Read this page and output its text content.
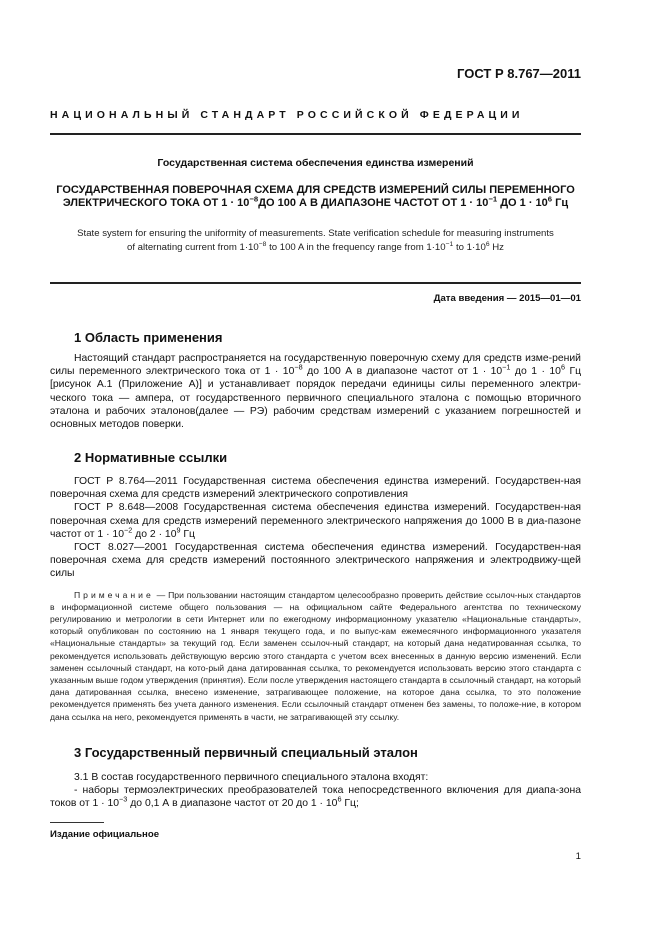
ГОСТ Р 8.767—2011
НАЦИОНАЛЬНЫЙ СТАНДАРТ РОССИЙСКОЙ ФЕДЕРАЦИИ
Государственная система обеспечения единства измерений
ГОСУДАРСТВЕННАЯ ПОВЕРОЧНАЯ СХЕМА ДЛЯ СРЕДСТВ ИЗМЕРЕНИЙ СИЛЫ ПЕРЕМЕННОГО
ЭЛЕКТРИЧЕСКОГО ТОКА ОТ $1 \cdot 10^{-8}ДО$ 100 А В ДИАПАЗОНЕ ЧАСТОТ ОТ $1 \cdot 10^{-1}$ ДО $1 \cdot 10^6$ Гц
State system for ensuring the uniformity of measurements. State verification schedule for measuring instruments
of alternating current from $1\cdot 10^{-8}$ to 100 A in the frequency range from $1\cdot 10^{-1}$ to $1\cdot 10^6$ Hz
Дата введения — 2015—01—01
1 Область применения

Настоящий стандарт распространяется на государственную поверочную схему для средств изме-рений силы переменного электрического тока от $1 \cdot 10^{-8}$ до 100 А в диапазоне частот от $1 \cdot 10^{-1}$ до $1 \cdot 10^6$ Гц [рисунок А.1 (Приложение А)] и устанавливает порядок передачи единицы силы переменного электри-ческого тока — ампера, от государственного первичного специального эталона с помощью вторичного эталона и рабочих эталонов(далее — РЭ) рабочим средствам измерений с указанием погрешностей и основных методов поверки.

2 Нормативные ссылки

ГОСТ Р 8.764—2011 Государственная система обеспечения единства измерений. Государствен-ная поверочная схема для средств измерений электрического сопротивления

ГОСТ Р 8.648—2008 Государственная система обеспечения единства измерений. Государствен-ная поверочная схема для средств измерений переменного электрического напряжения до 1000 В в диа-пазоне частот от $1 \cdot 10^{-2}$ до $2 \cdot 10^9$ Гц

ГОСТ 8.027—2001 Государственная система обеспечения единства измерений. Государствен-ная поверочная схема для средств измерений постоянного электрического напряжения и электродвижу-щей силы

Примечание — При пользовании настоящим стандартом целесообразно проверить действие ссылоч-ных стандартов в информационной системе общего пользования — на официальном сайте Федерального агентства по техническому регулированию и метрологии в сети Интернет или по ежегодному информационному указателю «Национальные стандарты», который опубликован по состоянию на 1 января текущего года, и по выпус-кам ежемесячного информационного указателя «Национальные стандарты» за текущий год. Если заменен ссылоч-ный стандарт, на который дана недатированная ссылка, то рекомендуется использовать действующую версию этого стандарта с учетом всех внесенных в данную версию изменений. Если заменен ссылочный стандарт, на кото-рый дана датированная ссылка, то рекомендуется использовать версию этого стандарта с указанным выше годом утверждения (принятия). Если после утверждения настоящего стандарта в ссылочный стандарт, на который дана датированная ссылка, внесено изменение, затрагивающее положение, на которое дана ссылка, то это положение рекомендуется применять без учета данного изменения. Если ссылочный стандарт отменен без замены, то положе-ние, в котором дана ссылка на него, рекомендуется применять в части, не затрагивающей эту ссылку.

3 Государственный первичный специальный эталон

3.1 В состав государственного первичного специального эталона входят:

- наборы термоэлектрических преобразователей тока непосредственного включения для диапа-зона токов от $1 \cdot 10^{-3}$ до 0,1 А в диапазоне частот от 20 до $1 \cdot 10^6$ Гц;

Издание официальное
1
